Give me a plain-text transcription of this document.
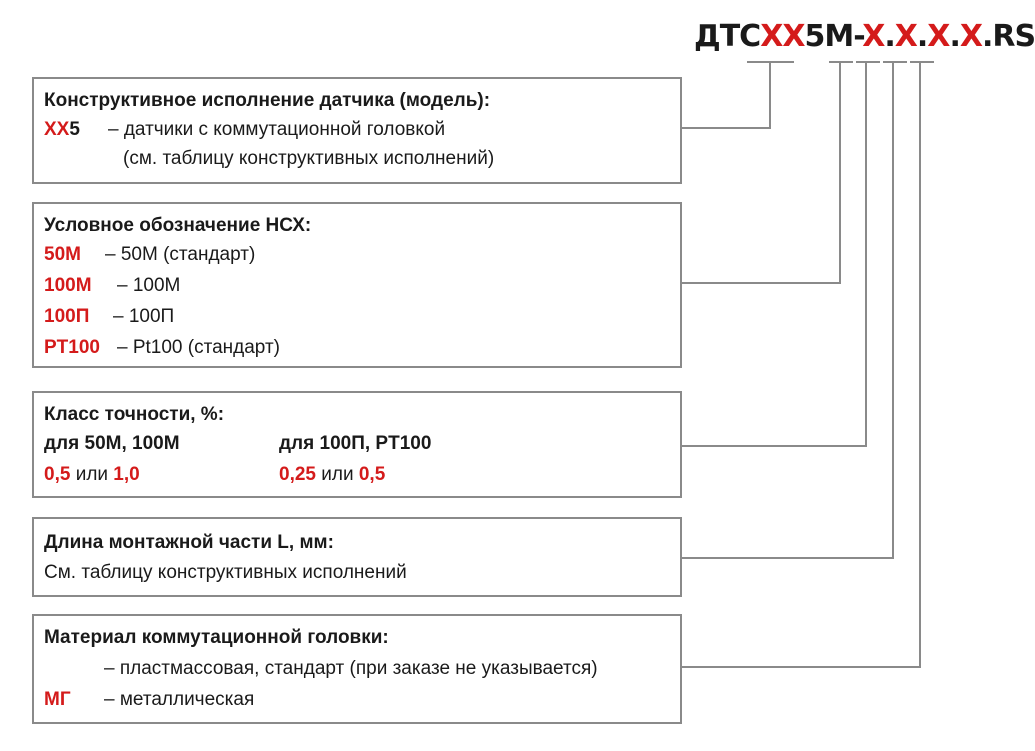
ДТСXX5M-X.X.X.X.RS
Конструктивное исполнение датчика (модель):
XX5 – датчики с коммутационной головкой
(см. таблицу конструктивных исполнений)
Условное обозначение НСХ:
50М – 50М (стандарт)
100М – 100М
100П – 100П
PT100 – Pt100 (стандарт)
Класс точности, %:
для 50М, 100М	для 100П, PT100
0,5 или 1,0	0,25 или 0,5
Длина монтажной части L, мм:
См. таблицу конструктивных исполнений
Материал коммутационной головки:
– пластмассовая, стандарт (при заказе не указывается)
МГ – металлическая
